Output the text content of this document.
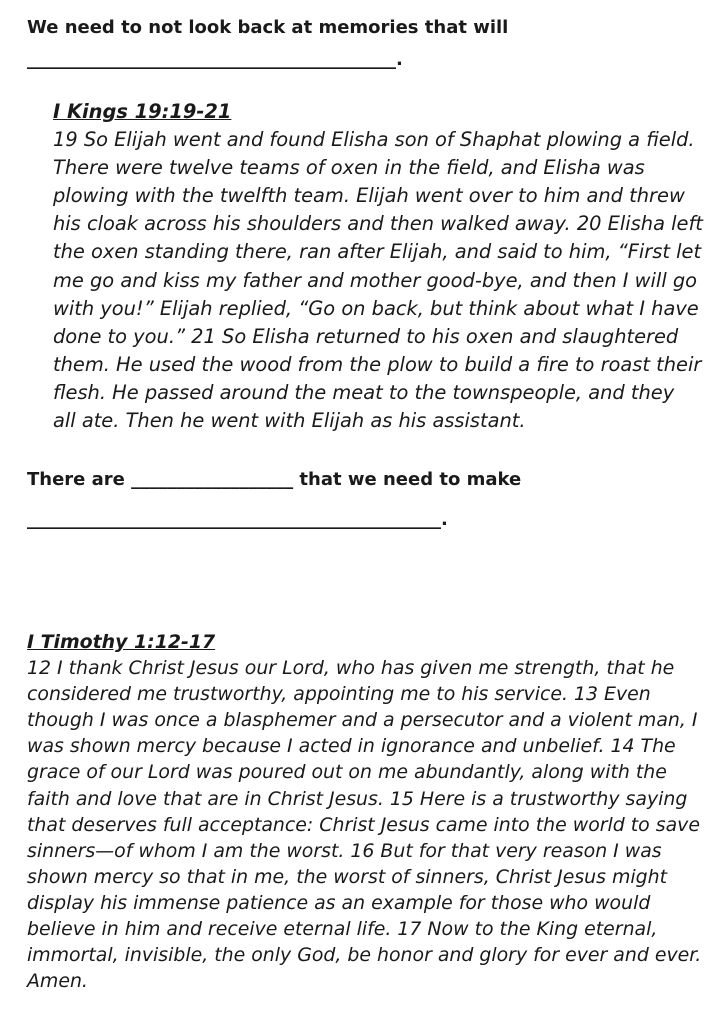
We need to not look back at memories that will

_________________________________________.

I Kings 19:19-21
19 So Elijah went and found Elisha son of Shaphat plowing a field. There were twelve teams of oxen in the field, and Elisha was plowing with the twelfth team. Elijah went over to him and threw his cloak across his shoulders and then walked away. 20 Elisha left the oxen standing there, ran after Elijah, and said to him, “First let me go and kiss my father and mother good-bye, and then I will go with you!” Elijah replied, “Go on back, but think about what I have done to you.” 21 So Elisha returned to his oxen and slaughtered them. He used the wood from the plow to build a fire to roast their flesh. He passed around the meat to the townspeople, and they all ate. Then he went with Elijah as his assistant.

There are __________________ that we need to make

______________________________________________.

I Timothy 1:12-17
12 I thank Christ Jesus our Lord, who has given me strength, that he considered me trustworthy, appointing me to his service. 13 Even though I was once a blasphemer and a persecutor and a violent man, I was shown mercy because I acted in ignorance and unbelief. 14 The grace of our Lord was poured out on me abundantly, along with the faith and love that are in Christ Jesus. 15 Here is a trustworthy saying that deserves full acceptance: Christ Jesus came into the world to save sinners—of whom I am the worst. 16 But for that very reason I was shown mercy so that in me, the worst of sinners, Christ Jesus might display his immense patience as an example for those who would believe in him and receive eternal life. 17 Now to the King eternal, immortal, invisible, the only God, be honor and glory for ever and ever. Amen.
